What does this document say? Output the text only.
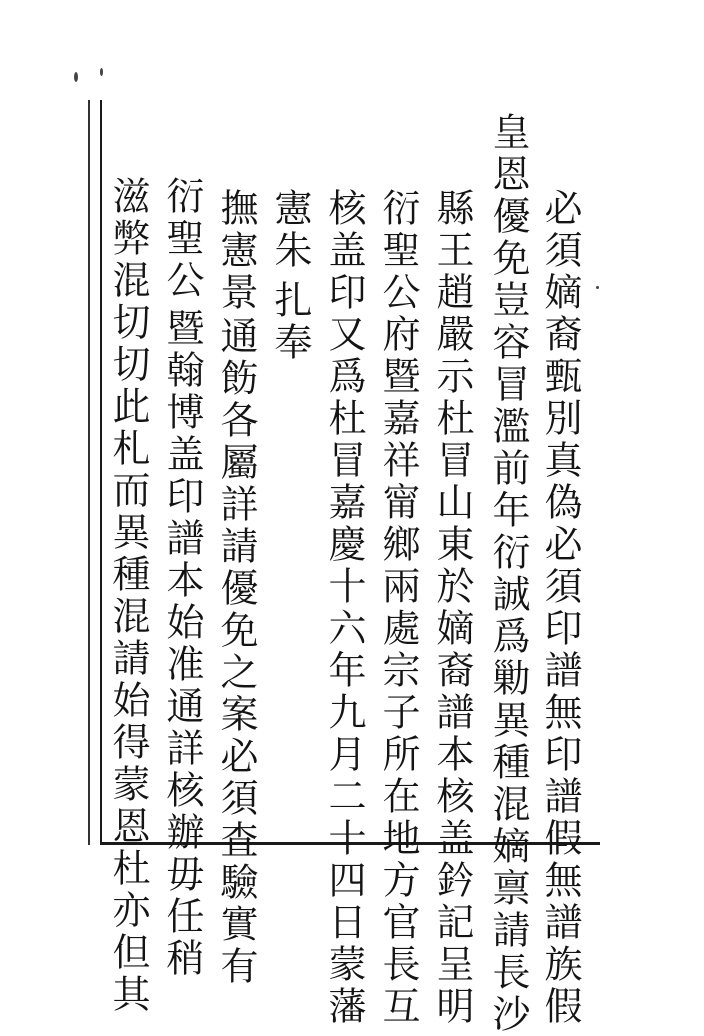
必須嫡裔甄別真偽必須印譜無印譜假無譜族假
皇恩優免豈容冒濫前年衍誠爲勦異種混嫡禀請長沙
縣王趙嚴示杜冒山東於嫡裔譜本核盖鈐記呈明
衍聖公府暨嘉祥甯鄉兩處宗子所在地方官長互
核盖印又爲杜冒嘉慶十六年九月二十四日蒙藩
憲朱
扎奉
撫憲景
通飭各屬詳請優免之案必須査驗實有
衍聖公
暨翰博盖印譜本始准通詳核辦毋任稍
滋弊混切切此札而異種混請始得蒙恩杜亦但其
